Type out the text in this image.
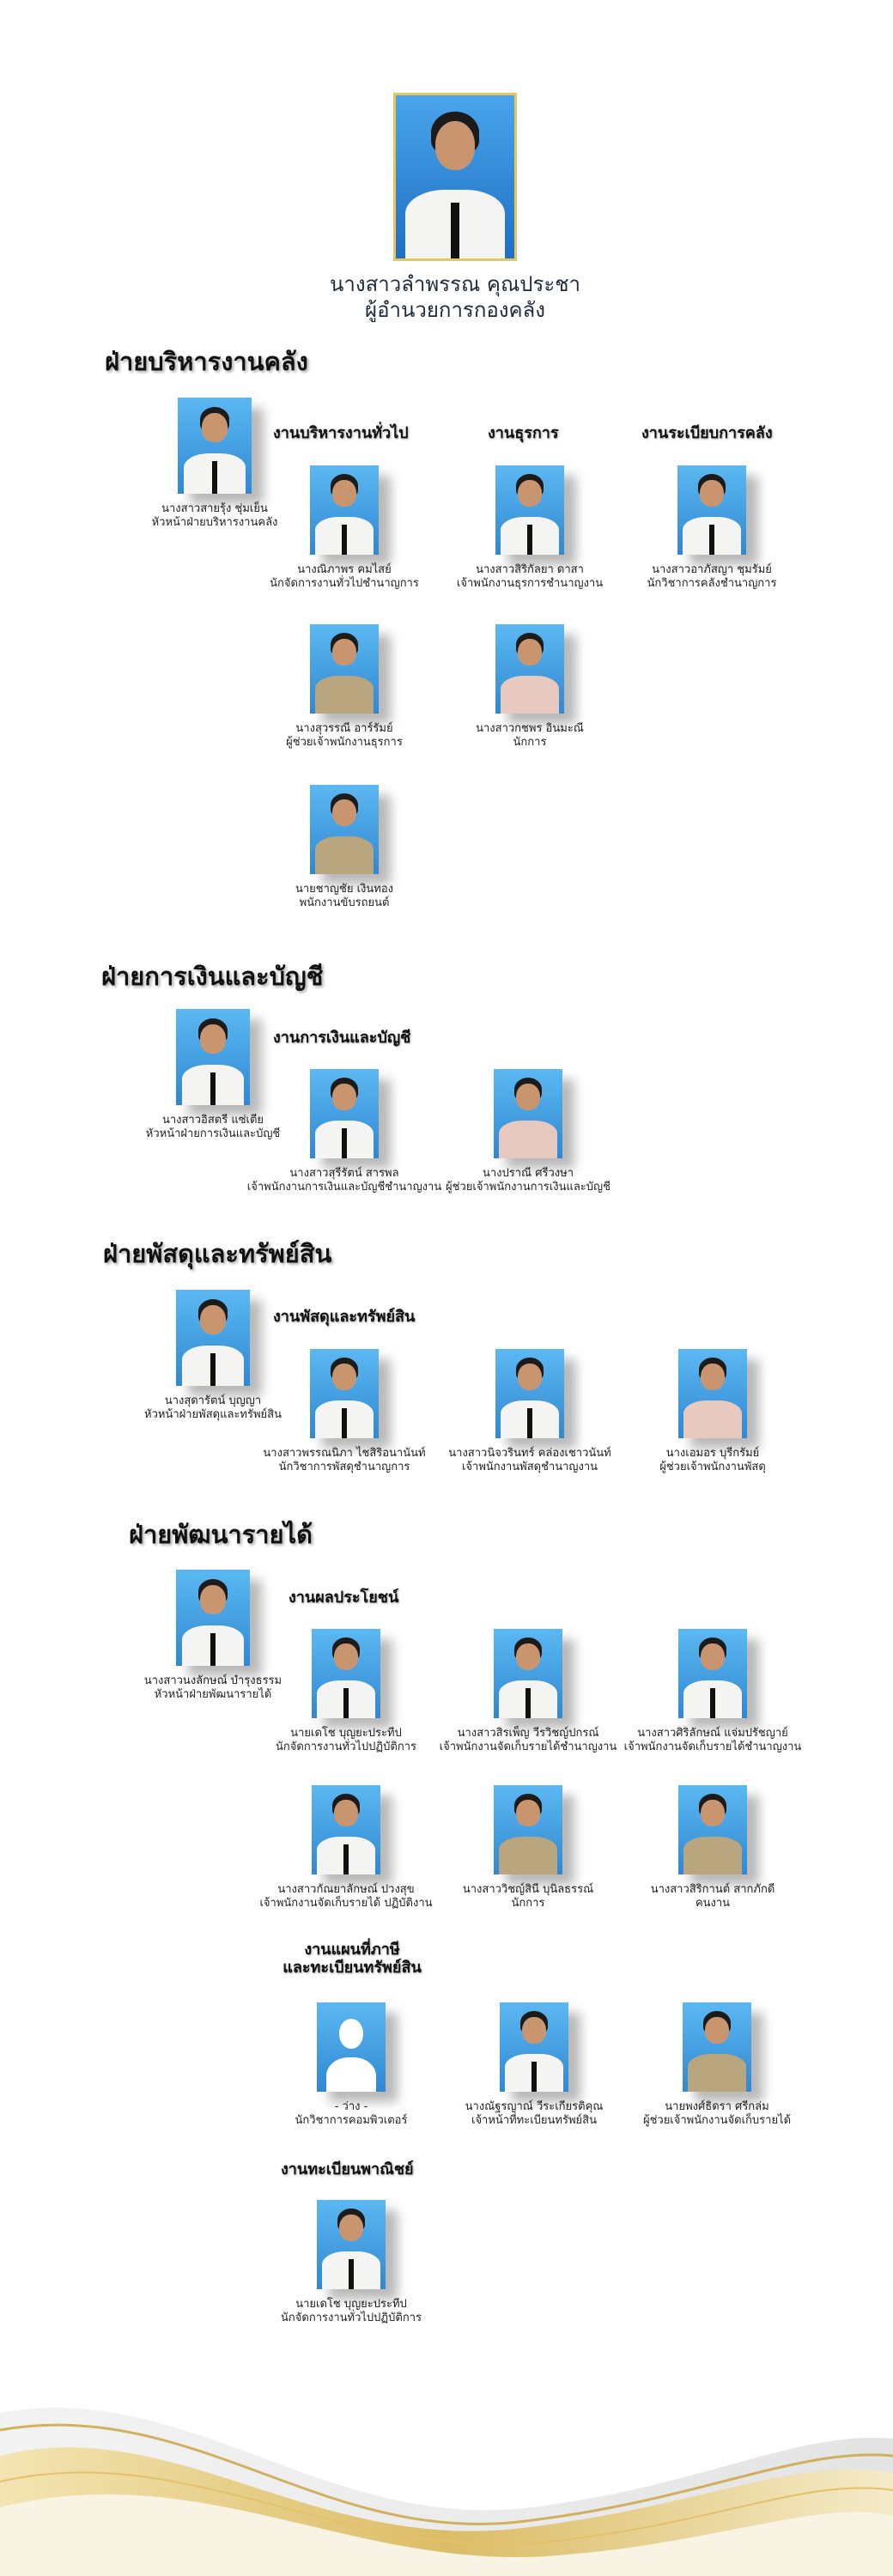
นางสาวลำพรรณ คุณประชา
ผู้อำนวยการกองคลัง
ฝ่ายบริหารงานคลัง
นางสาวสายรุ้ง ชุ่มเย็น
หัวหน้าฝ่ายบริหารงานคลัง
งานบริหารงานทั่วไป	งานธุรการ	งานระเบียบการคลัง
นางณิภาพร คมไสย์
นักจัดการงานทั่วไปชำนาญการ
นางสาวสิริกัลยา ดาสา
เจ้าพนักงานธุรการชำนาญงาน
นางสาวอาภัสญา ชุมรัมย์
นักวิชาการคลังชำนาญการ
นางสุวรรณี อาร์รัมย์
ผู้ช่วยเจ้าพนักงานธุรการ
นางสาวกชพร อินมะณี
นักการ
นายชาญชัย เงินทอง
พนักงานขับรถยนต์
ฝ่ายการเงินและบัญชี
นางสาวอิสตรี แซ่เตีย
หัวหน้าฝ่ายการเงินและบัญชี
งานการเงินและบัญชี
นางสาวสุรีรัตน์ สารพล
เจ้าพนักงานการเงินและบัญชีชำนาญงาน
นางปราณี ศรีวงษา
ผู้ช่วยเจ้าพนักงานการเงินและบัญชี
ฝ่ายพัสดุและทรัพย์สิน
นางสุดารัตน์ บุญญา
หัวหน้าฝ่ายพัสดุและทรัพย์สิน
งานพัสดุและทรัพย์สิน
นางสาวพรรณนิภา ไชสิริอนานันท์
นักวิชาการพัสดุชำนาญการ
นางสาวนิจวรินทร์ คล่องเชาวนันท์
เจ้าพนักงานพัสดุชำนาญงาน
นางเอมอร บุรีกรัมย์
ผู้ช่วยเจ้าพนักงานพัสดุ
ฝ่ายพัฒนารายได้
นางสาวนงลักษณ์ บำรุงธรรม
หัวหน้าฝ่ายพัฒนารายได้
งานผลประโยชน์
นายเดโช บุญยะประทีป
นักจัดการงานทั่วไปปฏิบัติการ
นางสาวสิรเพ็ญ วีรวิชญ์ปกรณ์
เจ้าพนักงานจัดเก็บรายได้ชำนาญงาน
นางสาวศิริลักษณ์ แจ่มปรัชญาย์
เจ้าพนักงานจัดเก็บรายได้ชำนาญงาน
นางสาวกัณยาลักษณ์ ปวงสุข
เจ้าพนักงานจัดเก็บรายได้ ปฏิบัติงาน
นางสาววิชญ์สินี บุนิลธรรณ์
นักการ
นางสาวสิริกานต์ สากภักดี
คนงาน
งานแผนที่ภาษี
และทะเบียนทรัพย์สิน
- ว่าง -
นักวิชาการคอมพิวเตอร์
นางณัฐรญาณ์ วีระเกียรติคุณ
เจ้าหน้าที่ทะเบียนทรัพย์สิน
นายพงศ์ธิดรา ศรีกล่ม
ผู้ช่วยเจ้าพนักงานจัดเก็บรายได้
งานทะเบียนพาณิชย์
นายเดโช บุญยะประทีป
นักจัดการงานทั่วไปปฏิบัติการ
